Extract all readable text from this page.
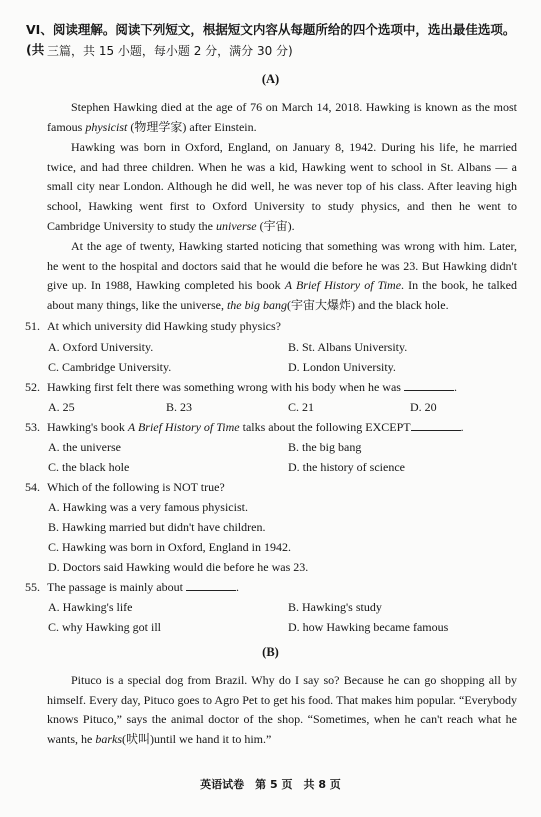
VI、阅读理解。阅读下列短文，根据短文内容从每题所给的四个选项中，选出最佳选项。(共 三篇，共 15 小题，每小题 2 分，满分 30 分)
(A)
Stephen Hawking died at the age of 76 on March 14, 2018. Hawking is known as the most famous physicist (物理学家) after Einstein.
Hawking was born in Oxford, England, on January 8, 1942. During his life, he married twice, and had three children. When he was a kid, Hawking went to school in St. Albans — a small city near London. Although he did well, he was never top of his class. After leaving high school, Hawking went first to Oxford University to study physics, and then he went to Cambridge University to study the universe (宇宙).
At the age of twenty, Hawking started noticing that something was wrong with him. Later, he went to the hospital and doctors said that he would die before he was 23. But Hawking didn't give up. In 1988, Hawking completed his book A Brief History of Time. In the book, he talked about many things, like the universe, the big bang(宇宙大爆炸) and the black hole.
51. At which university did Hawking study physics?
A. Oxford University.	B. St. Albans University.
C. Cambridge University.	D. London University.
52. Hawking first felt there was something wrong with his body when he was	.
A. 25	B. 23	C. 21	D. 20
53. Hawking's book A Brief History of Time talks about the following EXCEPT	.
A. the universe	B. the big bang
C. the black hole	D. the history of science
54. Which of the following is NOT true?
A. Hawking was a very famous physicist.
B. Hawking married but didn't have children.
C. Hawking was born in Oxford, England in 1942.
D. Doctors said Hawking would die before he was 23.
55. The passage is mainly about	.
A. Hawking's life	B. Hawking's study
C. why Hawking got ill	D. how Hawking became famous
(B)
Pituco is a special dog from Brazil. Why do I say so? Because he can go shopping all by himself. Every day, Pituco goes to Agro Pet to get his food. That makes him popular. “Everybody knows Pituco,” says the animal doctor of the shop. “Sometimes, when he can't reach what he wants, he barks(吠叫)until we hand it to him.”
英语试卷　第 5 页　共 8 页
